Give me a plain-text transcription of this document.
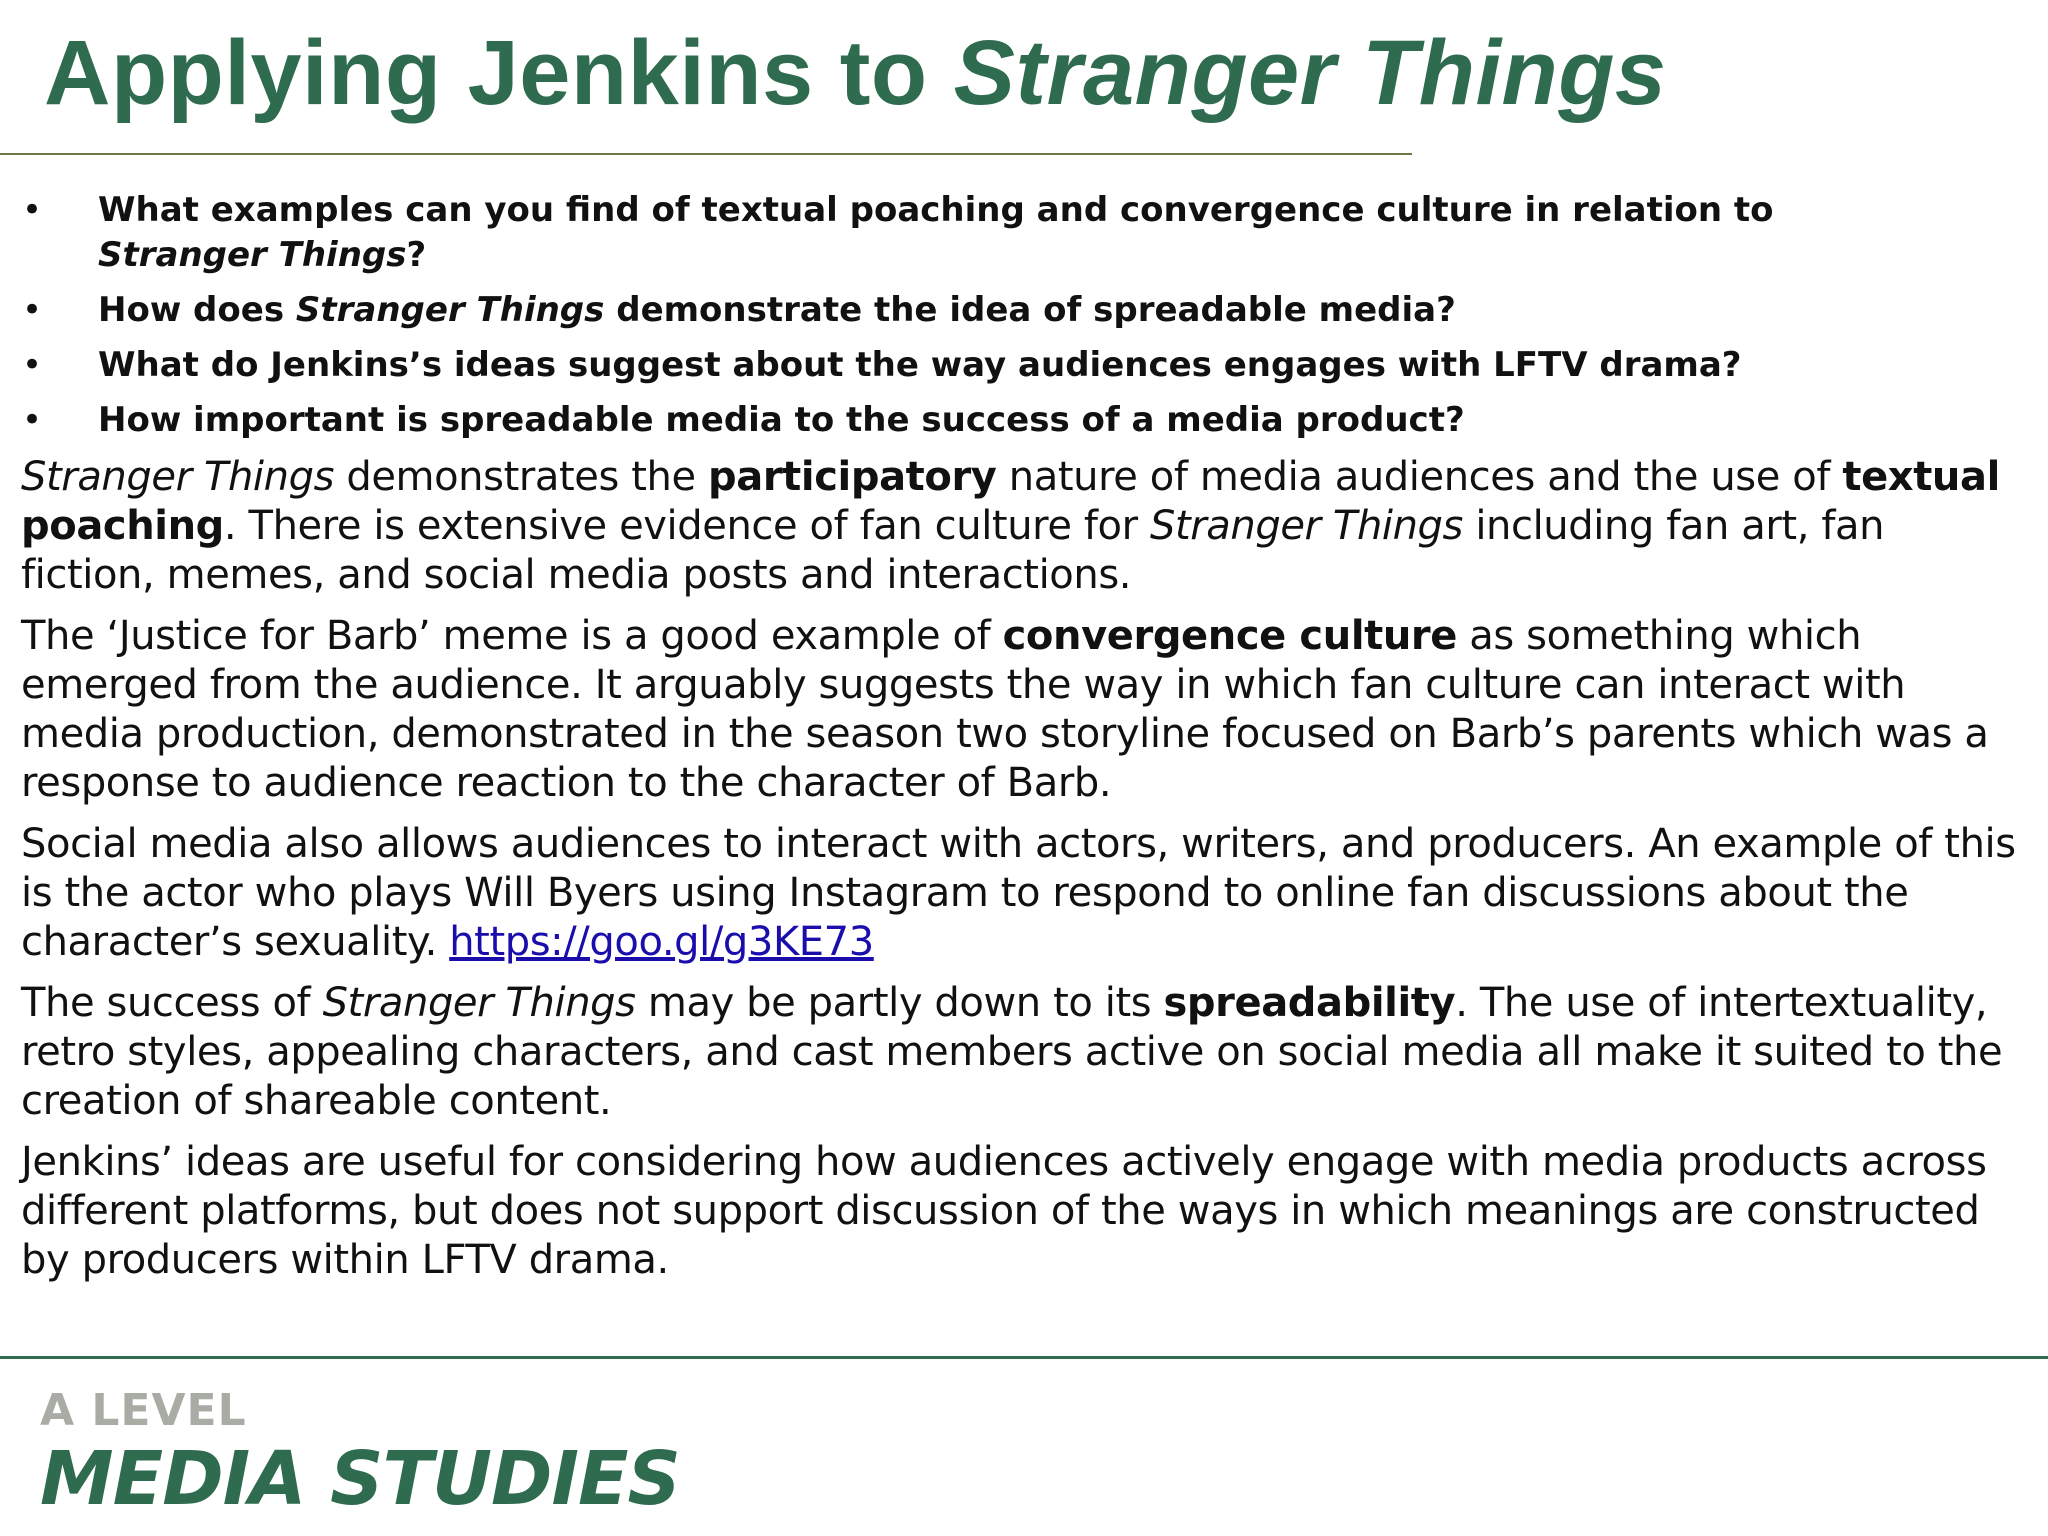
Applying Jenkins to Stranger Things
• What examples can you find of textual poaching and convergence culture in relation to Stranger Things?
• How does Stranger Things demonstrate the idea of spreadable media?
• What do Jenkins’s ideas suggest about the way audiences engages with LFTV drama?
• How important is spreadable media to the success of a media product?

Stranger Things demonstrates the participatory nature of media audiences and the use of textual poaching. There is extensive evidence of fan culture for Stranger Things including fan art, fan fiction, memes, and social media posts and interactions.

The ‘Justice for Barb’ meme is a good example of convergence culture as something which emerged from the audience. It arguably suggests the way in which fan culture can interact with media production, demonstrated in the season two storyline focused on Barb’s parents which was a response to audience reaction to the character of Barb.

Social media also allows audiences to interact with actors, writers, and producers. An example of this is the actor who plays Will Byers using Instagram to respond to online fan discussions about the character’s sexuality. https://goo.gl/g3KE73

The success of Stranger Things may be partly down to its spreadability. The use of intertextuality, retro styles, appealing characters, and cast members active on social media all make it suited to the creation of shareable content.

Jenkins’ ideas are useful for considering how audiences actively engage with media products across different platforms, but does not support discussion of the ways in which meanings are constructed by producers within LFTV drama.

A LEVEL
MEDIA STUDIES
